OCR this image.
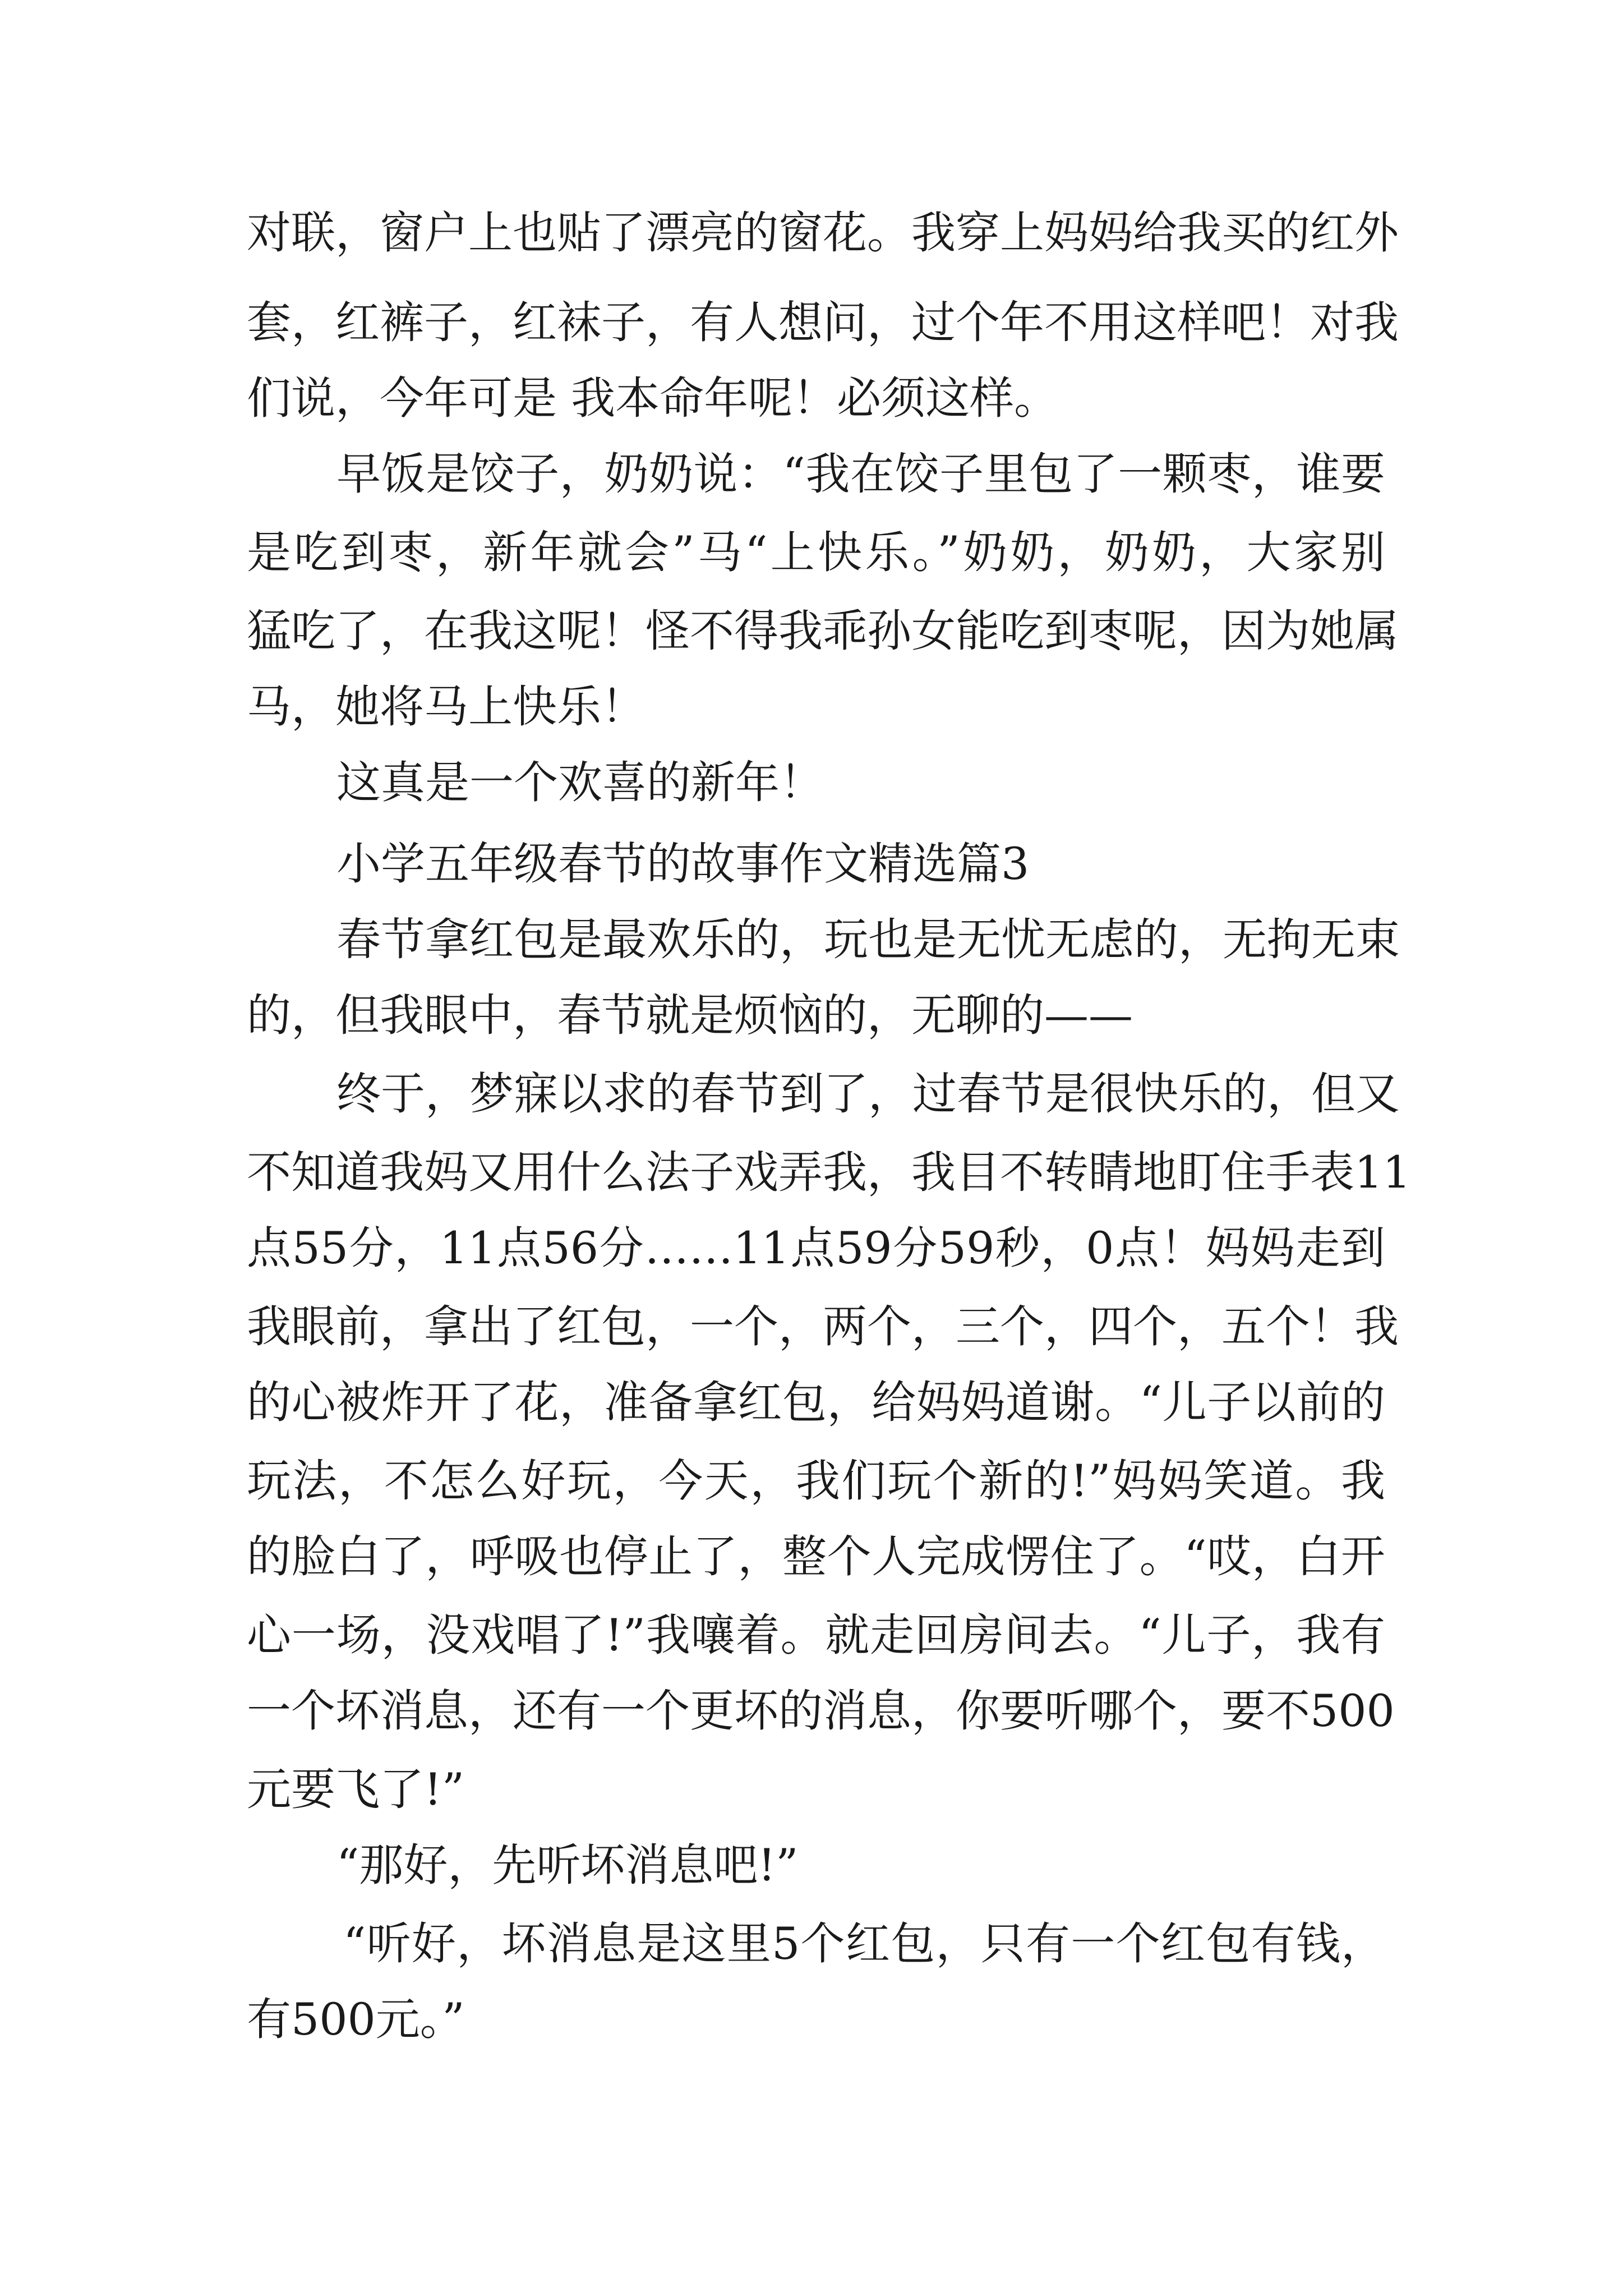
对联，窗户上也贴了漂亮的窗花。我穿上妈妈给我买的红外
套，红裤子，红袜子，有人想问，过个年不用这样吧！对我
们说，今年可是 我本命年呢！必须这样。
早饭是饺子，奶奶说：“我在饺子里包了一颗枣，谁要
是吃到枣，新年就会”马“上快乐。”奶奶，奶奶，大家别
猛吃了，在我这呢！怪不得我乖孙女能吃到枣呢，因为她属
马，她将马上快乐！
这真是一个欢喜的新年！
小学五年级春节的故事作文精选篇3
春节拿红包是最欢乐的，玩也是无忧无虑的，无拘无束
的，但我眼中，春节就是烦恼的，无聊的——
终于，梦寐以求的春节到了，过春节是很快乐的，但又
不知道我妈又用什么法子戏弄我，我目不转睛地盯住手表11
点55分，11点56分……11点59分59秒，0点！妈妈走到
我眼前，拿出了红包，一个，两个，三个，四个，五个！我
的心被炸开了花，准备拿红包，给妈妈道谢。“儿子以前的
玩法，不怎么好玩，今天，我们玩个新的!”妈妈笑道。我
的脸白了，呼吸也停止了，整个人完成愣住了。“哎，白开
心一场，没戏唱了!”我嚷着。就走回房间去。“儿子，我有
一个坏消息，还有一个更坏的消息，你要听哪个，要不500
元要飞了!”
“那好，先听坏消息吧!”
“听好，坏消息是这里5个红包，只有一个红包有钱，
有500元。”
